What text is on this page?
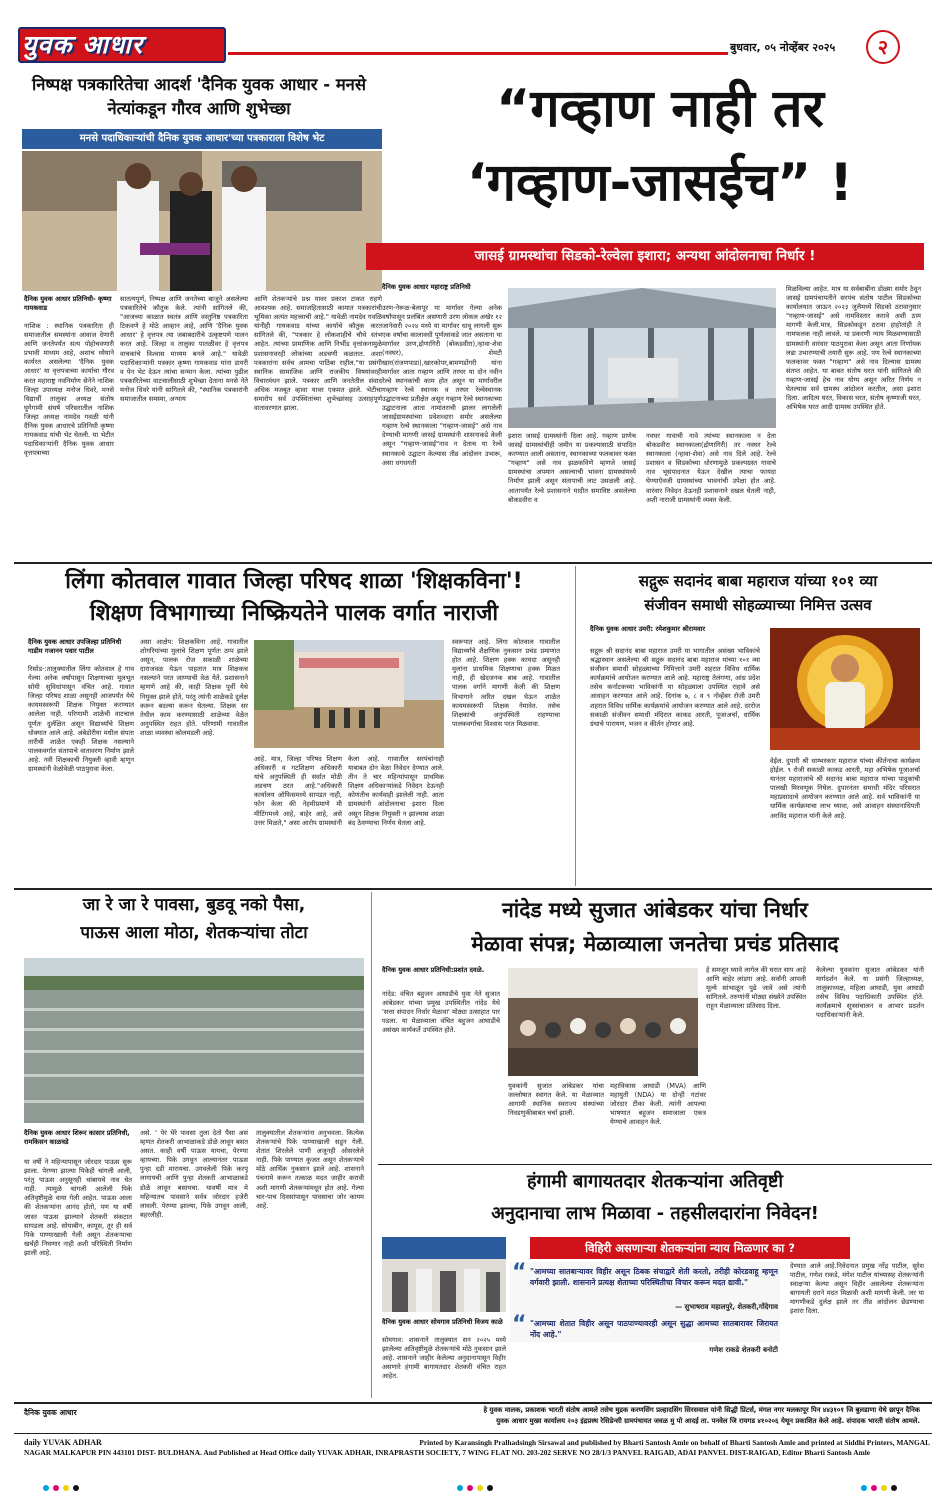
युवक आधार	बुधवार, ०५ नोव्हेंबर २०२५	२
निष्पक्ष पत्रकारितेचा आदर्श 'दैनिक युवक आधार - मनसे नेत्यांकडून गौरव आणि शुभेच्छा
मनसे पदाधिकाऱ्यांची दैनिक युवक आधार'च्या पत्रकाराला विशेष भेट
दैनिक युवक आधार प्रतिनिधी- कृष्णा गायकवाड
नाशिक : स्थानिक पत्रकारिता ही समाजातील समस्यांना आवाज देणारी आणि जनतेपर्यंत सत्य पोहोचवणारी प्रभावी माध्यम आहे, अशाच ध्येयाने कार्यरत असलेल्या 'दैनिक युवक आधार' या वृत्तपत्राच्या कार्याचा गौरव करत महाराष्ट्र नवनिर्माण सेनेने नाशिक जिल्हा उपाध्यक्ष मनोज धिवरे, मनसे विद्यार्थी तालुका अध्यक्ष संतोष घुगेगामी संघर्ष परिसरातील नाशिक जिल्हा अध्यक्ष नामदेव गवळी यांनी दैनिक युवक आधारचे प्रतिनिधी कृष्णा गायकवाड यांची भेट घेतली. या भेटीत पदाधिकाऱ्यांनी दैनिक युवक आधार वृत्तपत्राच्या
सातत्यपूर्ण, निष्पक्ष आणि जनतेच्या बाजूने असलेल्या पत्रकारितेचे कौतुक केले. त्यांनी सांगितले की, "आजच्या काळात स्वतंत्र आणि वस्तुनिष्ठ पत्रकारिता टिकवणे हे मोठे आव्हान आहे, आणि 'दैनिक युवक आधार' हे वृत्तपत्र त्या जबाबदारीचे उत्कृष्टपणे पालन करत आहे. जिल्हा व तालुका पातळीवर हे वृत्तपत्र वाचकांचे विश्वास माध्यम बनले आहे." यावेळी पदाधिकाऱ्यांनी पत्रकार कृष्णा गायकवाड यांना डायरी व पेन भेट देऊन त्यांचा सन्मान केला. त्यांच्या पुढील पत्रकारितेच्या वाटचालीसाठी शुभेच्छा देताना मनसे नेते मनोज धिवरे यांनी सांगितले की, "स्थानिक पत्रकारांनी समाजातील समस्या, अन्याय
आणि शेतकऱ्यांचे प्रश्न यावर प्रकाश टाकत राहणे आवश्यक आहे. समाजहितासाठी कामात पत्रकारांची भूमिका अत्यंत महत्त्वाची आहे." यावेळी नामदेव गवळि यांनीही गायकवाड यांच्या कार्याचे कौतुक करत सांगितले की, "पत्रकार हे लोकशाहीचे चौथे स्तंभ आहेत. त्यांच्या प्रामाणिक आणि निर्भीड वृत्तांकनामुळे प्रशासनावरही लोकांच्या अडचणी कळतात. अशा पत्रकारांना सर्वच आमचा पाठिंबा राहील."या प्रसंगी स्थानिक सामाजिक आणि राजकीय विषयांवरही विचारमंथन झाले. पत्रकार आणि जनतेतील संवाद अधिक मजबूत व्हावा यावर एकमत झाले. भेटीचा समारोप सर्व उपस्थितांच्या शुभेच्छांसह उत्साहपूर्ण वातावरणात झाला.
“गव्हाण नाही तर
‘गव्हाण-जासईच” !
जासई ग्रामस्थांचा सिडको-रेल्वेला इशारा; अन्यथा आंदोलनाचा निर्धार !
दैनिक युवक आधार महाराष्ट्र प्रतिनिधी
उरण-नेरूळ-बेलापूर या मार्गावर गेल्या अनेक वर्षांपासून प्रलंबित असणारी उरण लोकल अखेर १२ जानेवारी २०२४ मध्ये या मार्गावर धावू लागली सुरू एक वर्षांचा कालावधी पूर्णत्वाकडे जात असताना या मार्गावर उरण,द्रोणागिरी (बोकडवीरा),न्हावा-शेवा (नवघर), शेमटी खार(रांजणपाडा),खारकोपर,बामणडोंगरी यांना मार्गावर आता गव्हाण आणि तरघर या दोन नवीन रेल्वे स्थानकांची काम होत असून या मार्गावरील गव्हाण रेल्वे स्थानक व तरघर रेल्वेस्थानक उद्घाटनाच्या प्रतीक्षेत असून गव्हाण रेल्वे स्थानकाच्या उद्घाटनाला आता नामांतराची झालर लागलेली जासईग्रामस्थांच्या प्रवेशव्दारा समोर असलेल्या गव्हाण रेल्वे स्थानकाला "गव्हाण-जासई" असे नाव देण्याची मागणी जासई ग्रामस्थांनी शासनाकडे केली असून "गव्हाण-जासई"नाव न देताच या रेल्वे स्थानकाचे उद्घाटन केल्यास तीव्र आंदोलन उभारू, असा धगधगती
इशारा जासई ग्रामस्थांनी दिला आहे. गव्हाण प्राणेच जासई ग्रामस्थांचीही जमीन या प्रकल्पासाठी संपादित करण्यात आली असताना, स्थानकाच्या फलकावर फक्त "गव्हाण" असे नाव झळकविणे म्हणजे जासई ग्रामस्थांचा अपमान असल्याची भावना ग्रामस्थांमध्ये निर्माण झाली असून संतापाची लाट उसळली आहे. आतापर्यंत रेल्वे प्रशासनाने यादीत समाविष्ट असलेल्या बोकडवीरा व
नवघर गावाची नावे त्यांच्या स्थानकाला न देता बोकडवीरा स्थानकाला(द्रोणागिरी) तर नवघर रेल्वे स्थानकाला (न्हावा-शेवा) असे नाव दिले आहे. रेल्वे प्रशासन व सिडकोच्या धोरणामुळे प्रकल्पग्रस्त गावाचे नाव भूसंपादनात येऊन देखील त्याचा फायदा घेण्याऐवजी ग्रामस्थांच्या भावनांची उपेक्षा होत आहे. वारंवार निवेदन देऊनही प्रशासनाने दखल घेतली नाही, अशी नाराजी ग्रामस्थांनी व्यक्त केली.
मिळविल्या आहेत. मात्र या सर्वबाबींना डोळ्या समोर ठेवून जासई ग्रामपंचायतीने सरपंच संतोष पाटील सिडकोच्या कार्यालयात जाऊन २०२३ जुलैमध्ये सिडको ठरावानुसार "गव्हाण-जासई" असे नामविस्तार करावे अशी ठाम मागणी केली.मात्र, सिडकोकडून ठरावा हाहोतांही ते नामफलक नाही लावले. या प्रकरणी न्याय मिळवण्यासाठी ग्रामस्थांनी वारंवार पाठपुरावा केला असून आता निर्णायक लढा उभारण्याची तयारी सुरू आहे. पण रेल्वे स्थानकाच्या फलकावर फक्त "गव्हाण" असे नाव दिल्यास ग्रामस्थ संतप्त आहेत. या बाबत संतोष घरत यांनी सांगितले की गव्हाण-जासई हेच नाव योग्य असून त्वरित निर्णय न घेतल्यास सर्व ग्रामस्थ आंदोलन करतील, असा इशारा दिला. आदित्य घरत, विकास घरत, संतोष कृष्णाजी घरत, अभिषेक घरत आदी ग्रामस्थ उपस्थित होते.
लिंगा कोतवाल गावात जिल्हा परिषद शाळा 'शिक्षकविना'!
शिक्षण विभागाच्या निष्क्रियतेने पालक वर्गात नाराजी
दैनिक युवक आधार उपजिल्हा प्रतिनिधी गाडीम गजानन पवार पाटील
रिसोड-:तालुक्यातील लिंगा कोतवाल हे गाव गेल्या अनेक वर्षांपासून शिक्षणाच्या मूलभूत सोयी सुविधांपासून वंचित आहे. गावात जिल्हा परिषद शाळा असूनही आजपर्यंत येथे कायमस्वरूपी शिक्षक नियुक्त करण्यात आलेला नाही. परिणामी शाळेची वाटचाल पूर्णतः दुर्लक्षित असून विद्यार्थ्यांचे शिक्षण धोक्यात आले आहे. अंबेडोरीया मधील संपता तारीची शाळेत एकही शिक्षक नसल्याने पालकवर्गात संतापाचे वातावरण निर्माण झाले आहे. नवी शिक्षकाची नियुक्ती व्हावी म्हणून ग्रामस्थांनी वेळोवेळी पाठपुरावा केला.
असा आक्षेप: शिक्षकविना आहे. गावातील शोगरियांच्या मुलांचे शिक्षण पूर्णतः ठप्प झाले असून, पालक रोज सकाळी शाळेच्या दाराजवळ येऊन पाहतात मात्र शिक्षकच नसल्याने परत जाण्याची वेळ येते. प्रशासनाने म्हणणे आहे की, काही शिक्षक पूर्वी येथे नियुक्त झाले होते, परंतु त्यांनी शाळेकडे दुर्लक्ष करून बदल्या करून घेतल्या. शिक्षक सर तेथील काम करण्यासाठी शाळेच्या वेळेत अनुपस्थित राहत होते. परिणामी गावातील शाळा व्यवस्था कोलमडली आहे.
आहे. मात्र, जिल्हा परिषद शिक्षण अधिकारी व गटशिक्षण अधिकारी यांचे अनुपस्थिती ही सर्वात मोठी अडचण ठरत आहे."अधिकारी कार्यालय ऑफिसमध्ये सापडत नाही, फोन केला की नेहमीप्रमाणे मी मीटिंगमध्ये आहे, बाहेर आहे, असे उत्तर मिळते," असा आरोप ग्रामस्थांनी
केला आहे. गावातील सरपंचांनाही याबाबत दोन वेळा निवेदन देण्यात आले. तीन ते चार महिन्यांपासून प्राथमिक शिक्षण अधिकाऱ्यांकडे निवेदन देऊनही कोणतीच कार्यवाही झालेली नाही. आता ग्रामस्थांनी आंदोलनाचा इशारा दिला असून शिक्षक नियुक्ती न झाल्यास शाळा बंद ठेवण्याचा निर्णय घेतला आहे.
स्वरूपात आहे. लिंगा कोतवाल गावातील विद्यार्थ्यांचे शैक्षणिक नुकसान प्रचंड प्रमाणात होत आहे. शिक्षण हक्क कायदा असूनही मुलांना प्राथमिक शिक्षणाचा हक्क मिळत नाही, ही खेदजनक बाब आहे. गावातील पालक वर्गाने मागणी केली की शिक्षण विभागाने त्वरित दखल घेऊन शाळेत कायमस्वरूपी शिक्षक नेमावेत. तसेच शिक्षकांची अनुपस्थिती राहण्याचा पालकवर्गाचा विश्वास परत मिळवावा.
सद्गुरू सदानंद बाबा महाराज यांच्या १०१ व्या
संजीवन समाधी सोहळ्याच्या निमित्त उत्सव
दैनिक युवक आधार उमरी: रमेशकुमार श्रीरामवार
सद्गुरू श्री सदानंद बाबा महाराज उमरी या भागातील असंख्य भाविकांचे श्रद्धास्थान असलेल्या श्री सद्गुरू सदानंद बाबा महाराज यांच्या १०१ व्या संजीवन समाधी सोहळ्याच्या निमित्ताने उमरी शहरात विविध धार्मिक कार्यक्रमांचे आयोजन करण्यात आले आहे. महाराष्ट्र तेलंगणा, आंध्र प्रदेश तसेच कर्नाटकच्या भाविकांनी या सोहळ्याला उपस्थित राहावे असे आवाहन करण्यात आले आहे. दिनांक ७, ८ व ९ नोव्हेंबर रोजी उमरी शहरात विविध धार्मिक कार्यक्रमांचे आयोजन करण्यात आले आहे. दररोज सकाळी संजीवन समाधी मंदिरात काकड आरती, पूजाअर्चा, धार्मिक ग्रंथाचे पारायण, भजन व कीर्तन होणार आहे.
वेईल. दुपारी श्री धाम्भरकार महाराज यांच्या कीर्तनाचा कार्यक्रम होईल. ९ रोजी सकाळी काकड आरती, महा अभिषेक पूजाअर्चा यानंतर महाराजांचे श्री सदानंद बाबा महाराज यांच्या पादुकांची पालखी मिरवणूक निघेल. दुपारनंतर समाधी मंदिर परिसरात महाप्रसादाचे आयोजन करण्यात आले आहे. सर्व भाविकांनी या धार्मिक कार्यक्रमाचा लाभ घ्यावा, असे आवाहन संस्थानाधिपती अरविंद महाराज यांनी केले आहे.
जा रे जा रे पावसा, बुडवू नको पैसा,
पाऊस आला मोठा, शेतकऱ्यांचा तोटा
दैनिक युवक आधार शिरूर कासार प्रतिनिधी, रामकिसन काळवडे
या वर्षी ने महिन्यापासून जोरदार पाऊस सुरू झाला. पेरण्या झाल्या पिकेही चांगली आली, परंतु पाऊस अनुसूनही थांबायचे नाव घेत नाही. त्यामुळे चांगली आलेली पिके अतिवृष्टीमुळे वाया गेली आहेत. पाऊस आला की शेतकऱ्यांना आनंद होतो, पण या वर्षी जास्त पाऊस झाल्याने शेतकरी संकटात सापडला आहे. सोयाबीन, कापूस, तूर ही सर्व पिके पाण्याखाली गेली असून शेतकऱ्याचा खर्चही निघणार नाही अशी परिस्थिती निर्माण झाली आहे.
असे. ' पेरं घेरे पावसा तुला देतो पैसा असं म्हणत शेतकरी आभाळाकडे डोळे लावून बसत असत. काही वर्षी पाऊस यायचा, पेरण्या व्हायच्या. पिके उगवून आल्यानंतर पाऊस पुन्हा दडी मारायचा. उगवलेली पिके करपू लागायची आणि पुन्हा शेतकरी आभाळाकडे डोळे लावून बसायचा. यावर्षी मात्र मे महिन्यातच पावसाने सर्वत्र जोरदार हजेरी लावली. पेरण्या झाल्या, पिके उगवून आली, बहरलीही.
तालुक्यातील शेतकऱ्यांना अनुभवला. कित्येक शेतकऱ्यांचे पिके पाण्याखाली सडून गेली. शेतात शिरलेले पाणी अजूनही ओसरलेले नाही. पिके पाण्यात कुजत असून शेतकऱ्याचे मोठे आर्थिक नुकसान झाले आहे. शासनाने पंचनामे करून तत्काळ मदत जाहीर करावी अशी मागणी शेतकऱ्यांमधून होत आहे. गेल्या चार-पाच दिवसांपासून पावसाचा जोर कायम आहे.
नांदेड मध्ये सुजात आंबेडकर यांचा निर्धार
मेळावा संपन्न; मेळाव्याला जनतेचा प्रचंड प्रतिसाद
दैनिक युवक आधार प्रतिनिधी:प्रशांत दवळे.
नांदेड: वंचित बहुजन आघाडीचे युवा नेते सुजात आंबेडकर यांच्या प्रमुख उपस्थितीत नांदेड येथे 'सत्ता संपादन निर्धार मेळावा' मोठ्या उत्साहात पार पडला. या मेळाव्याला वंचित बहुजन आघाडीचे असंख्य कार्यकर्ते उपस्थित होते.
युवकांनी सुजात आंबेडकर यांचा जल्लोषात स्वागत केले. या मेळाव्यात आगामी स्थानिक स्वराज्य संस्थांच्या निवडणुकीबाबत चर्चा झाली.
महाविकास आघाडी (MVA) आणि महायुती (NDA) या दोन्ही गटांवर जोरदार टीका केली. त्यांनी आपल्या भाषणात बहुजन समाजाला एकत्र येण्याचे आवाहन केले.
हे समजून घ्यावे लागेल की घरात साप आहे आणि बाहेर लांडगा आहे. सर्वांनी आपली मूल्ये सांभाळून पुढे जावे असे त्यांनी सांगितले. तरुणांनी मोठ्या संख्येने उपस्थित राहून मेळाव्याला प्रतिसाद दिला.
केलेल्या युवकांना सुजात आंबेडकर यांनी मार्गदर्शन केले. या प्रसंगी जिल्हाध्यक्ष, तालुकाध्यक्ष, महिला आघाडी, युवा आघाडी तसेच विविध पदाधिकारी उपस्थित होते. कार्यक्रमाचे सूत्रसंचालन व आभार प्रदर्शन पदाधिकाऱ्यांनी केले.
हंगामी बागायतदार शेतकऱ्यांना अतिवृष्टी
अनुदानाचा लाभ मिळावा - तहसीलदारांना निवेदन!
विहिरी असणाऱ्या शेतकऱ्यांना न्याय मिळणार का ?
दैनिक युवक आधार सोयगाव प्रतिनिधी विजय काळे
सोयगाव: शासनाने तालुक्यात सन २०२५ मध्ये झालेल्या अतिवृष्टीमुळे शेतकऱ्यांचे मोठे नुकसान झाले आहे. शासनाने जाहीर केलेल्या अनुदानापासून विहीर असणारे हंगामी बागायतदार शेतकरी वंचित राहत आहेत.
“ "आमच्या सातबाऱ्यावर विहीर असून ठिबक संचाद्वारे शेती करतो, तरीही कोरडवाहू म्हणून वर्गवारी झाली. शासनाने प्रत्यक्ष शेताच्या परिस्थितीचा विचार करून मदत द्यावी."
— सुभाषराव महालपुरे, शेतकरी,गोंदेगाव
“ "आमच्या शेतात विहीर असून पाठपाण्यावरही असून सुद्धा आमच्या सातबारावर जिरायत नोंद आहे."
गणेश राकडे शेतकरी बनोटी
देण्यात आले आहे.निवेदनात प्रमुख नरेंद्र पाटील, सुरेश पाटील, गणेश राकडे, मंगेश पाटील यांच्यासह शेतकऱ्यांनी स्वाक्षऱ्या केल्या असून विहीर असलेल्या शेतकऱ्यांना बागायती दराने मदत मिळावी अशी मागणी केली. जर या मागणीकडे दुर्लक्ष झाले तर तीव्र आंदोलन छेडण्याचा इशारा दिला.
दैनिक युवक आधार	हे युवक मालक, प्रकाशक भारती संतोष आमले तसेच मुद्रक करणसिंग प्रल्हादसिंग सिरसवाल यांनी सिद्धी प्रिंटर्स, मंगल नगर मलकापूर पिन ४४३१०१ जि बुलडाणा येथे छापून दैनिक
युवक आधार मुख्य कार्यालय २०३ इंद्रप्रस्थ रेसिडेन्सी ग्रामपंचायत जवळ मु पो आदई ता. पनवेल जि रायगड ४१०२०६ येथून प्रकाशित केले आहे. संपादक भारती संतोष आमले.
daily YUVAK ADHAR	Printed by Karansingh Pralhadsingh Sirsawal and published by Bharti Santosh Amle on behalf of Bharti Santosh Amle and printed at Siddhi Printers, MANGAL
NAGAR MALKAPUR PIN 443101 DIST- BULDHANA. And Published at Head Office daily YUVAK ADHAR, INRAPRASTH SOCIETY, 7 WING FLAT NO. 203-202 SERVE NO 28/1/3 PANVEL RAIGAD, ADAI PANVEL DIST-RAIGAD, Editor Bharti Santosh Amle
